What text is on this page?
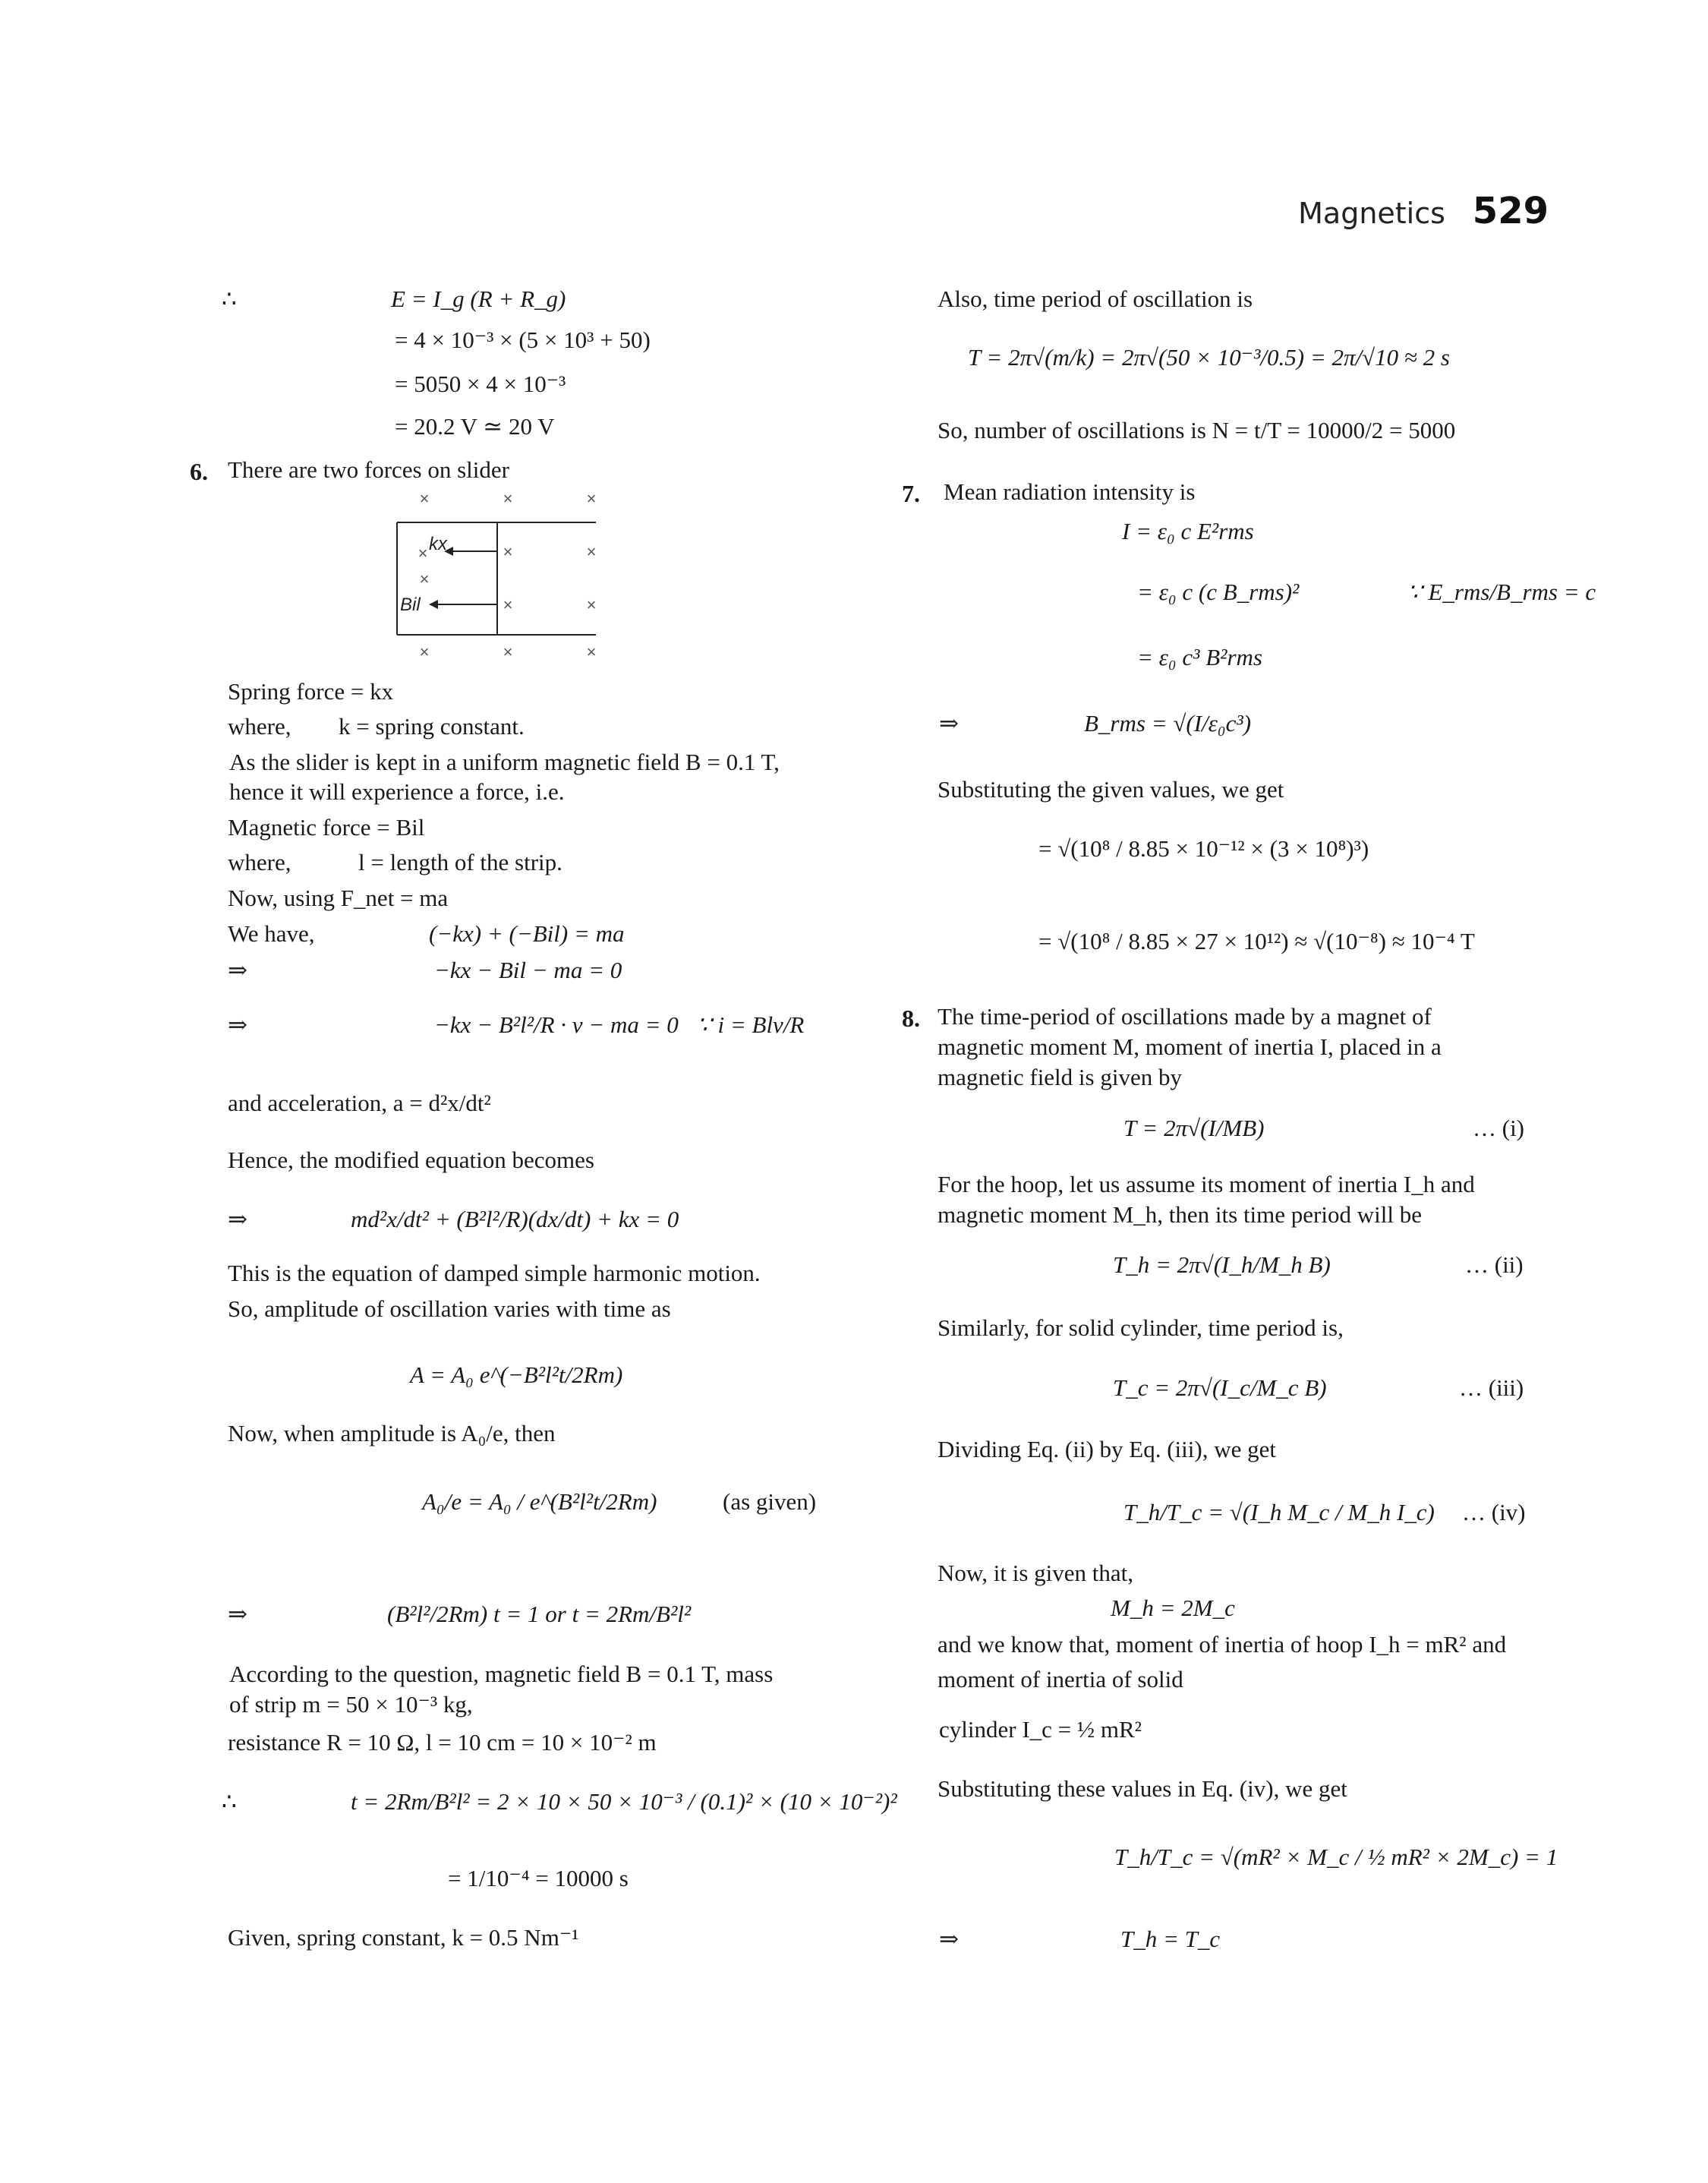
Magnetics 529
∴	E = I_g (R + R_g)
= 4 × 10⁻³ × (5 × 10³ + 50)
= 5050 × 4 × 10⁻³
= 20.2 V ≃ 20 V
6. There are two forces on slider
×	×	×
×	×	×
×
×	×
×	×	×
kx
Bil
Spring force = kx
where, k = spring constant.
As the slider is kept in a uniform magnetic field B = 0.1 T,
hence it will experience a force, i.e.
Magnetic force = Bil
where,	l = length of the strip.
Now, using F_net = ma
We have,	(−kx) + (−Bil) = ma
⇒	−kx − Bil − ma = 0
⇒	−kx − B²l²/R · v − ma = 0 ∵ i = Blv/R
and acceleration, a = d²x/dt²
Hence, the modified equation becomes
⇒	md²x/dt² + (B²l²/R)(dx/dt) + kx = 0
This is the equation of damped simple harmonic motion.
So, amplitude of oscillation varies with time as
A = A₀ e^(−B²l²t/2Rm)
Now, when amplitude is A₀/e, then
A₀/e = A₀ / e^(B²l²t/2Rm)	(as given)
⇒	(B²l²/2Rm) t = 1 or t = 2Rm/B²l²
According to the question, magnetic field B = 0.1 T, mass
of strip m = 50 × 10⁻³ kg,
resistance R = 10 Ω, l = 10 cm = 10 × 10⁻² m
∴	t = 2Rm/B²l² = 2 × 10 × 50 × 10⁻³ / (0.1)² × (10 × 10⁻²)²
= 1/10⁻⁴ = 10000 s
Given, spring constant, k = 0.5 Nm⁻¹
Also, time period of oscillation is
T = 2π√(m/k) = 2π√(50 × 10⁻³/0.5) = 2π/√10 ≈ 2 s
So, number of oscillations is N = t/T = 10000/2 = 5000
7. Mean radiation intensity is
I = ε₀ c E²rms
= ε₀ c (c B_rms)²	∵ E_rms/B_rms = c
= ε₀ c³ B²rms
⇒	B_rms = √(I/ε₀c³)
Substituting the given values, we get
= √(10⁸ / 8.85 × 10⁻¹² × (3 × 10⁸)³)
= √(10⁸ / 8.85 × 27 × 10¹²) ≈ √(10⁻⁸) ≈ 10⁻⁴ T
8. The time-period of oscillations made by a magnet of
magnetic moment M, moment of inertia I, placed in a
magnetic field is given by
T = 2π√(I/MB)	… (i)
For the hoop, let us assume its moment of inertia I_h and
magnetic moment M_h, then its time period will be
T_h = 2π√(I_h/M_h B)	… (ii)
Similarly, for solid cylinder, time period is,
T_c = 2π√(I_c/M_c B)	… (iii)
Dividing Eq. (ii) by Eq. (iii), we get
T_h/T_c = √(I_h M_c / M_h I_c) … (iv)
Now, it is given that,
M_h = 2M_c
and we know that, moment of inertia of hoop I_h = mR² and
moment of inertia of solid
cylinder I_c = ½ mR²
Substituting these values in Eq. (iv), we get
T_h/T_c = √(mR² × M_c / ½ mR² × 2M_c) = 1
⇒	T_h = T_c
